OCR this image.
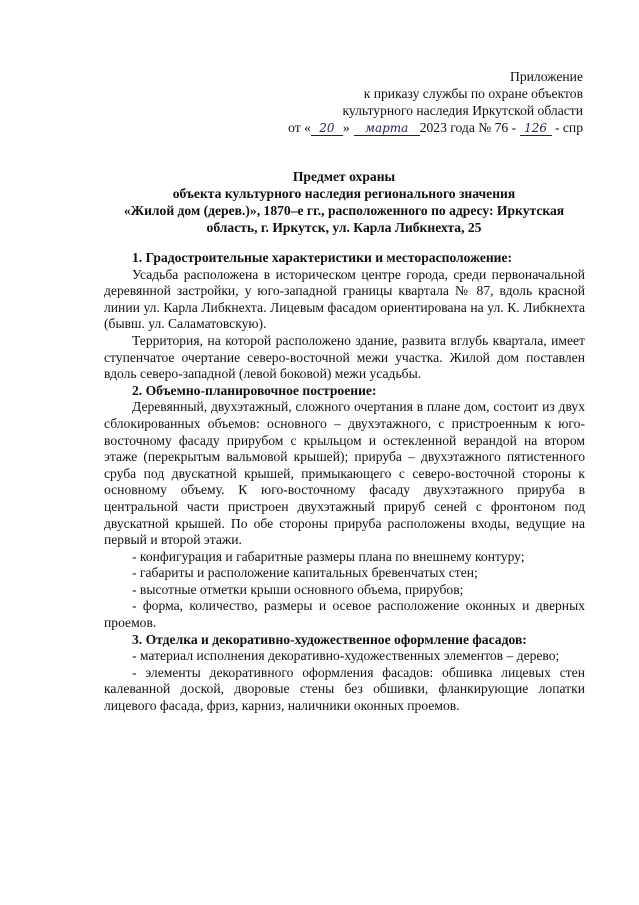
Приложение
к приказу службы по охране объектов
культурного наследия Иркутской области
от « 20 » марта 2023 года № 76 - 126 - спр
Предмет охраны
объекта культурного наследия регионального значения
«Жилой дом (дерев.)», 1870–е гг., расположенного по адресу: Иркутская
область, г. Иркутск, ул. Карла Либкнехта, 25

1. Градостроительные характеристики и месторасположение:

Усадьба расположена в историческом центре города, среди первоначальной деревянной застройки, у юго-западной границы квартала № 87, вдоль красной линии ул. Карла Либкнехта. Лицевым фасадом ориентирована на ул. К. Либкнехта (бывш. ул. Саламатовскую).

Территория, на которой расположено здание, развита вглубь квартала, имеет ступенчатое очертание северо-восточной межи участка. Жилой дом поставлен вдоль северо-западной (левой боковой) межи усадьбы.

2. Объемно-планировочное построение:

Деревянный, двухэтажный, сложного очертания в плане дом, состоит из двух сблокированных объемов: основного – двухэтажного, с пристроенным к юго-восточному фасаду прирубом с крыльцом и остекленной верандой на втором этаже (перекрытым вальмовой крышей); прируба – двухэтажного пятистенного сруба под двускатной крышей, примыкающего с северо-восточной стороны к основному объему. К юго-восточному фасаду двухэтажного прируба в центральной части пристроен двухэтажный прируб сеней с фронтоном под двускатной крышей. По обе стороны прируба расположены входы, ведущие на первый и второй этажи.

- конфигурация и габаритные размеры плана по внешнему контуру;

- габариты и расположение капитальных бревенчатых стен;

- высотные отметки крыши основного объема, прирубов;

- форма, количество, размеры и осевое расположение оконных и дверных проемов.

3. Отделка и декоративно-художественное оформление фасадов:

- материал исполнения декоративно-художественных элементов – дерево;

- элементы декоративного оформления фасадов: обшивка лицевых стен калеванной доской, дворовые стены без обшивки, фланкирующие лопатки лицевого фасада, фриз, карниз, наличники оконных проемов.
